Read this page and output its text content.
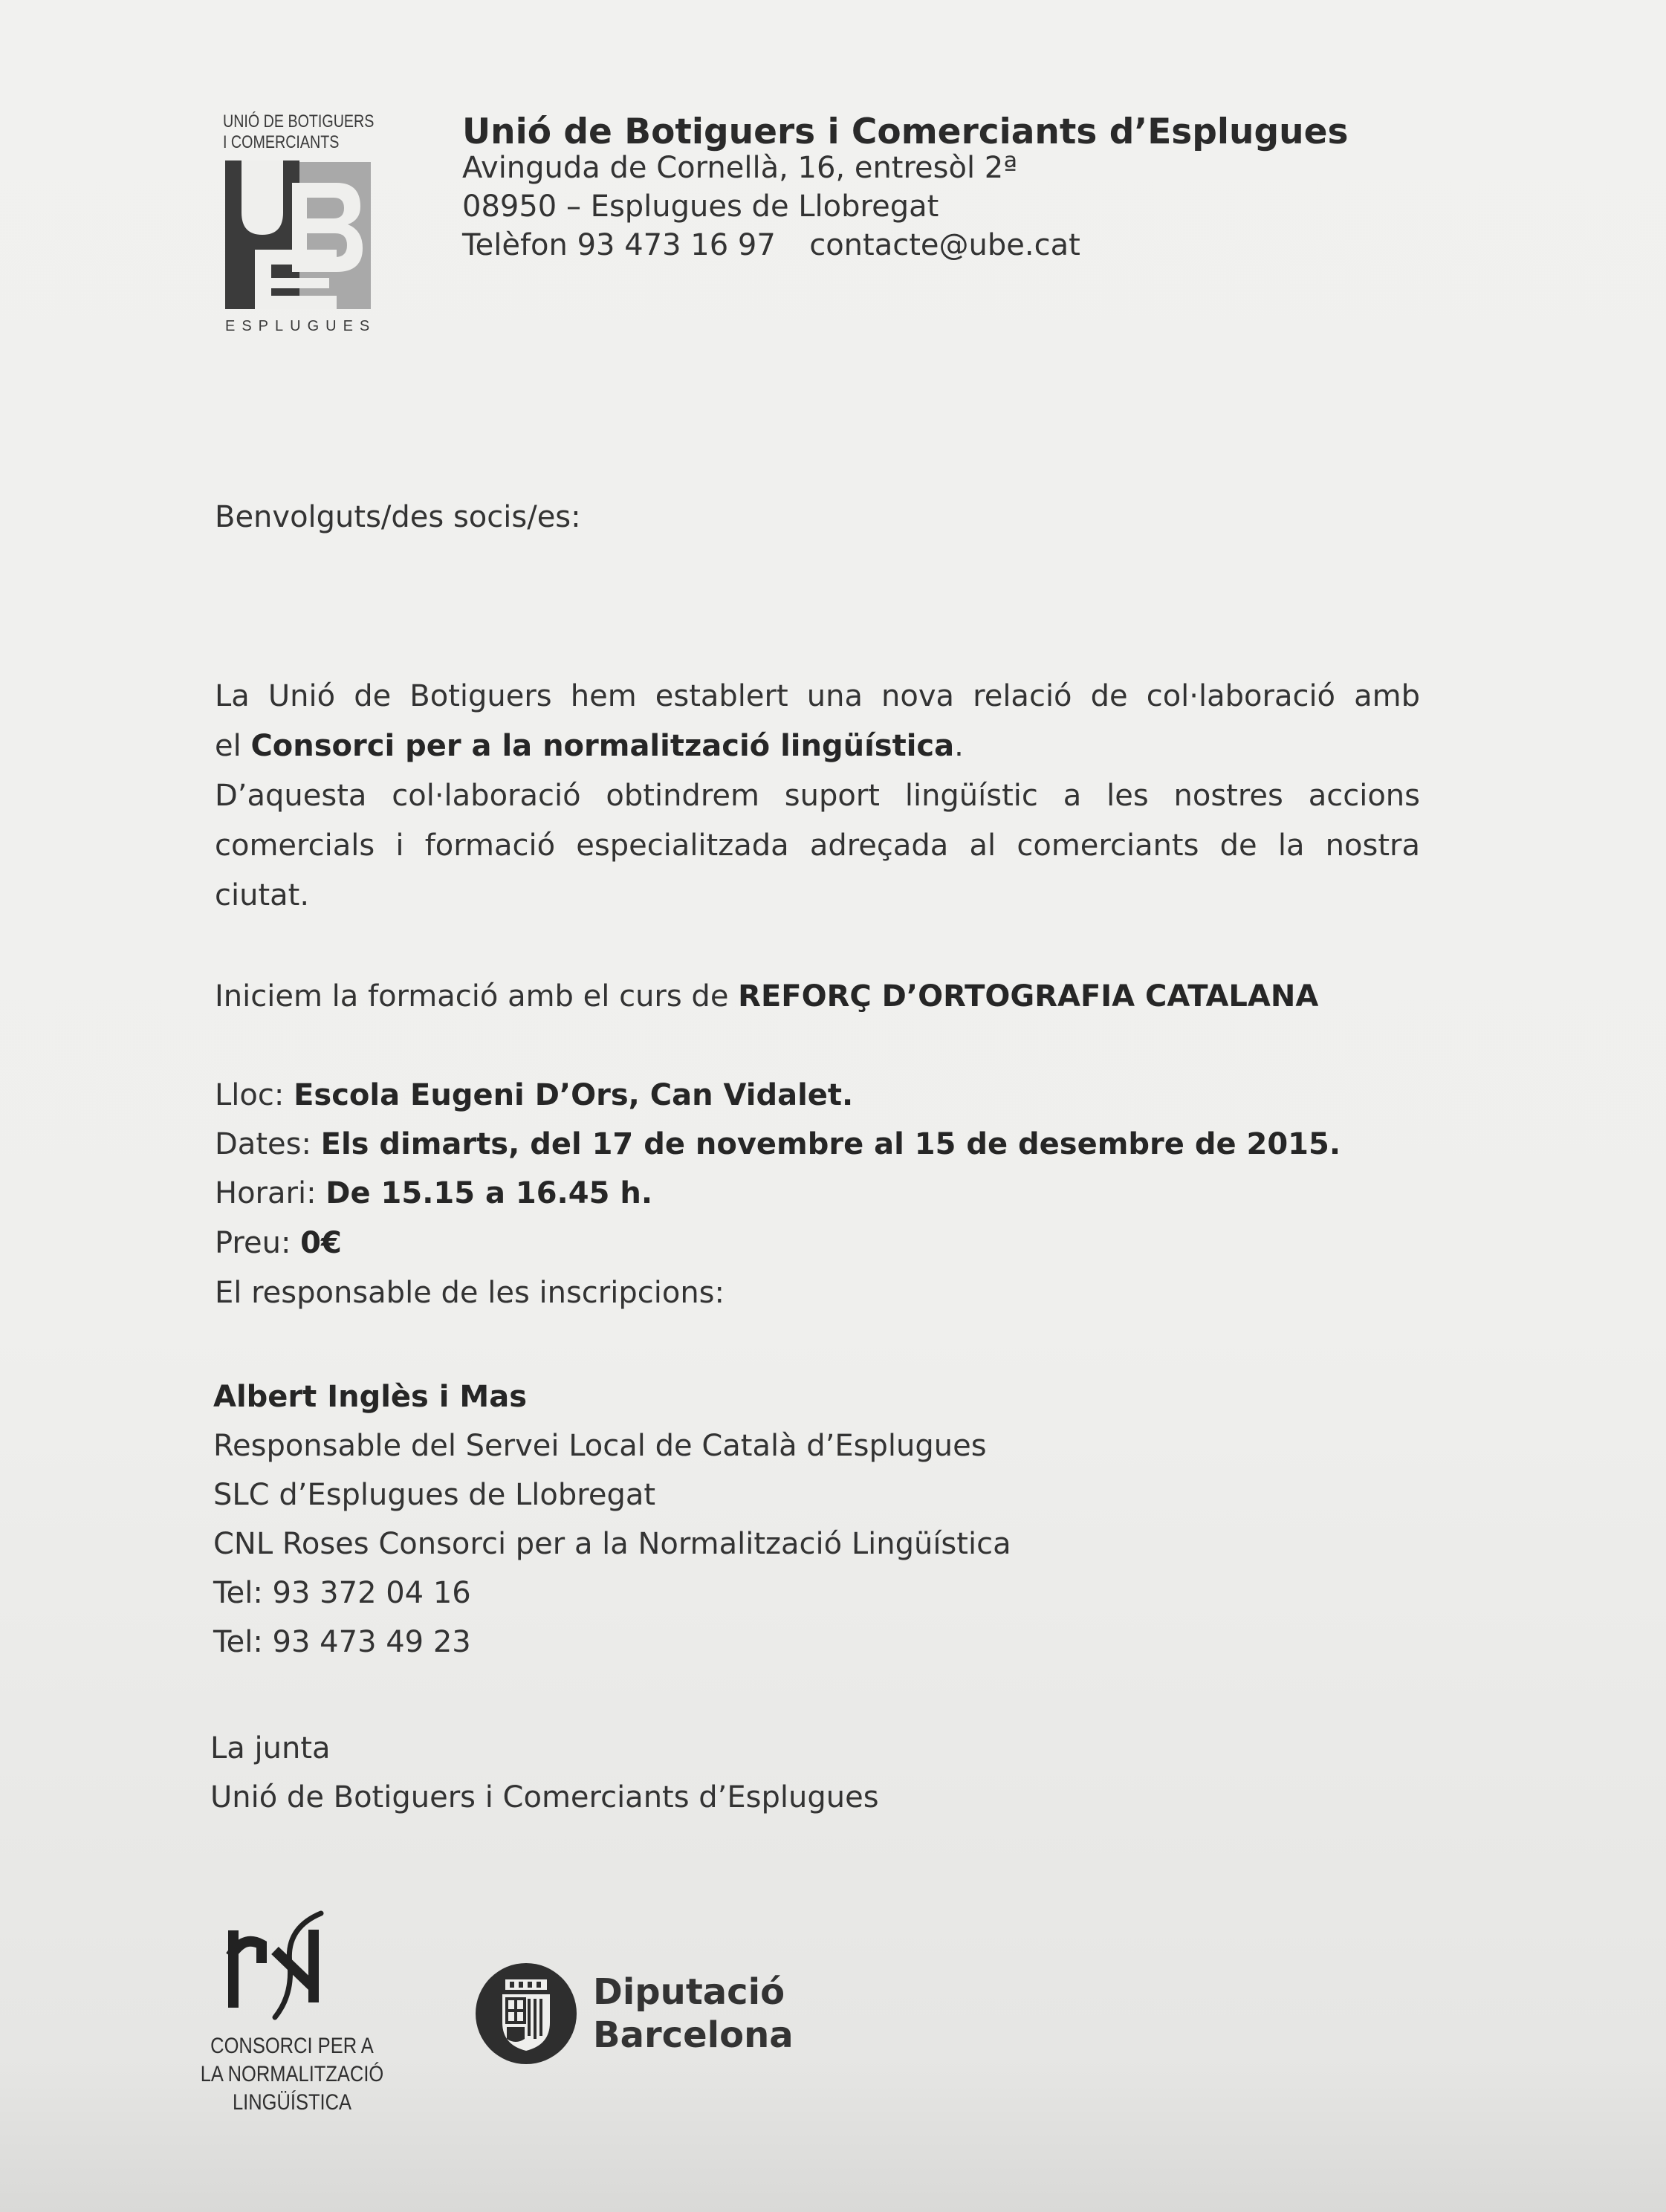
UNIÓ DE BOTIGUERS
I COMERCIANTS
ESPLUGUES
Unió de Botiguers i Comerciants d’Esplugues
Avinguda de Cornellà, 16, entresòl 2ª
08950 – Esplugues de Llobregat
Telèfon 93 473 16 97 contacte@ube.cat
Benvolguts/des socis/es:
La Unió de Botiguers hem establert una nova relació de col·laboració amb
el Consorci per a la normalització lingüística.
D’aquesta col·laboració obtindrem suport lingüístic a les nostres accions
comercials i formació especialitzada adreçada al comerciants de la nostra
ciutat.
Iniciem la formació amb el curs de REFORÇ D’ORTOGRAFIA CATALANA
Lloc: Escola Eugeni D’Ors, Can Vidalet.
Dates: Els dimarts, del 17 de novembre al 15 de desembre de 2015.
Horari: De 15.15 a 16.45 h.
Preu: 0€
El responsable de les inscripcions:
Albert Inglès i Mas
Responsable del Servei Local de Català d’Esplugues
SLC d’Esplugues de Llobregat
CNL Roses Consorci per a la Normalització Lingüística
Tel: 93 372 04 16
Tel: 93 473 49 23
La junta
Unió de Botiguers i Comerciants d’Esplugues
CONSORCI PER A
LA NORMALITZACIÓ
LINGÜÍSTICA
Diputació
Barcelona
